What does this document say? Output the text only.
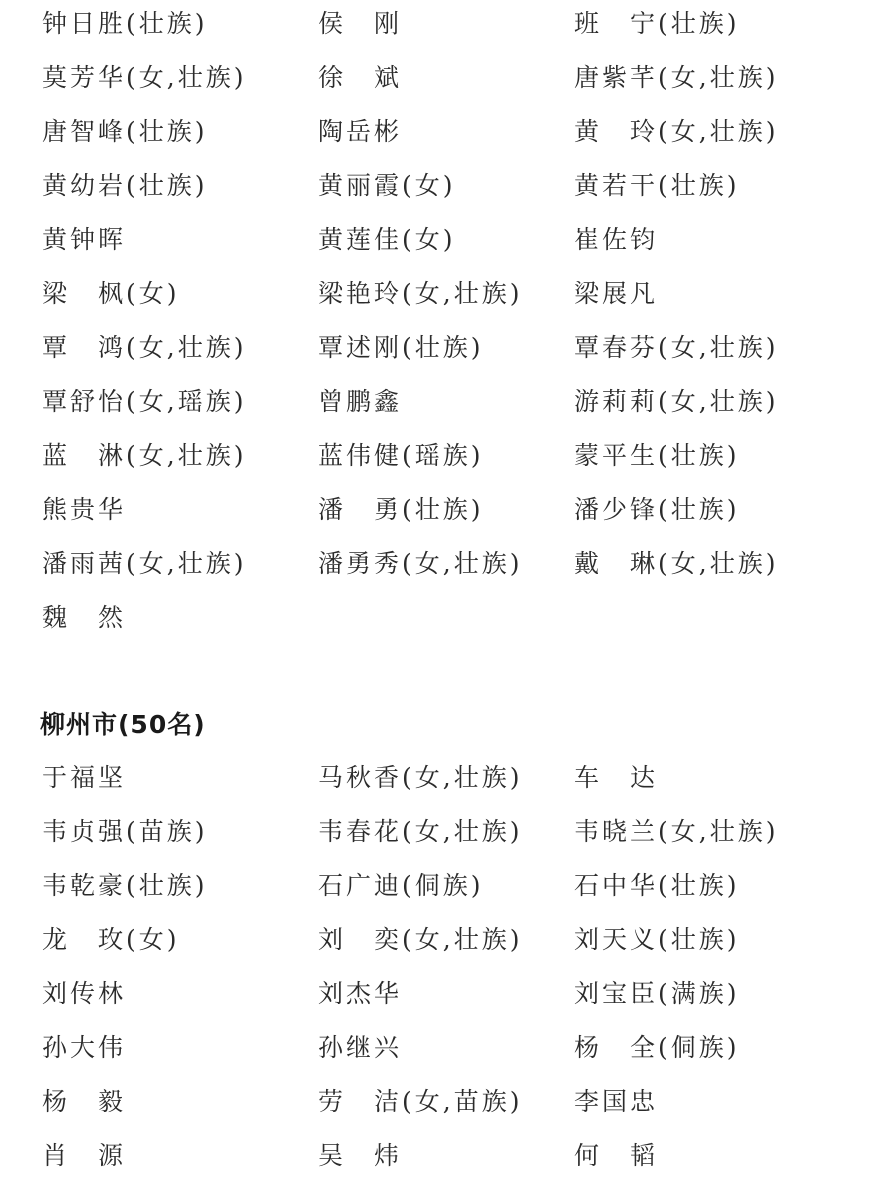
钟日胜(壮族)	侯　刚	班　宁(壮族)
莫芳华(女,壮族)	徐　斌	唐紫芊(女,壮族)
唐智峰(壮族)	陶岳彬	黄　玲(女,壮族)
黄幼岩(壮族)	黄丽霞(女)	黄若干(壮族)
黄钟晖	黄莲佳(女)	崔佐钧
梁　枫(女)	梁艳玲(女,壮族) 梁展凡
覃　鸿(女,壮族)	覃述刚(壮族)	覃春芬(女,壮族)
覃舒怡(女,瑶族)	曾鹏鑫	游莉莉(女,壮族)
蓝　淋(女,壮族)	蓝伟健(瑶族)	蒙平生(壮族)
熊贵华	潘　勇(壮族)	潘少锋(壮族)
潘雨茜(女,壮族)	潘勇秀(女,壮族) 戴　琳(女,壮族)
魏　然
柳州市(50名)
于福坚	马秋香(女,壮族) 车　达
韦贞强(苗族)	韦春花(女,壮族) 韦晓兰(女,壮族)
韦乾豪(壮族)	石广迪(侗族)	石中华(壮族)
龙　玫(女)	刘　奕(女,壮族) 刘天义(壮族)
刘传林	刘杰华	刘宝臣(满族)
孙大伟	孙继兴	杨　全(侗族)
杨　毅	劳　洁(女,苗族) 李国忠
肖　源	吴　炜	何　韬
